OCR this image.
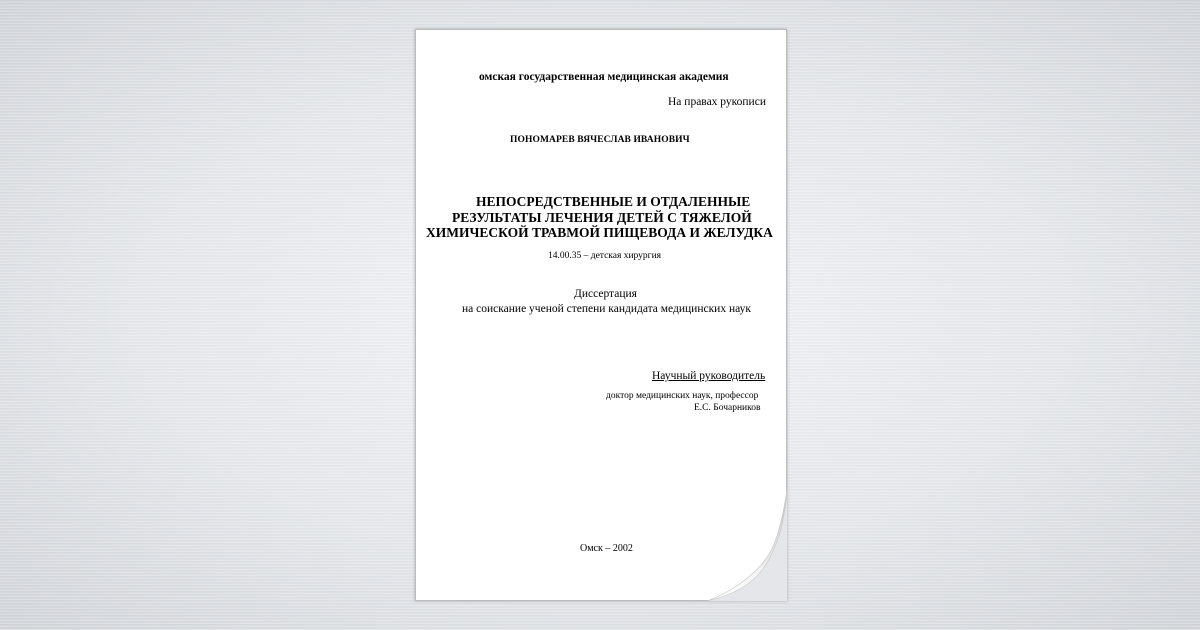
омская государственная медицинская академия
На правах рукописи
ПОНОМАРЕВ ВЯЧЕСЛАВ ИВАНОВИЧ
НЕПОСРЕДСТВЕННЫЕ И ОТДАЛЕННЫЕ
РЕЗУЛЬТАТЫ ЛЕЧЕНИЯ ДЕТЕЙ С ТЯЖЕЛОЙ
ХИМИЧЕСКОЙ ТРАВМОЙ ПИЩЕВОДА И ЖЕЛУДКА
14.00.35 – детская хирургия
Диссертация
на соискание ученой степени кандидата медицинских наук
Научный руководитель
доктор медицинских наук, профессор
Е.С. Бочарников
Омск – 2002
